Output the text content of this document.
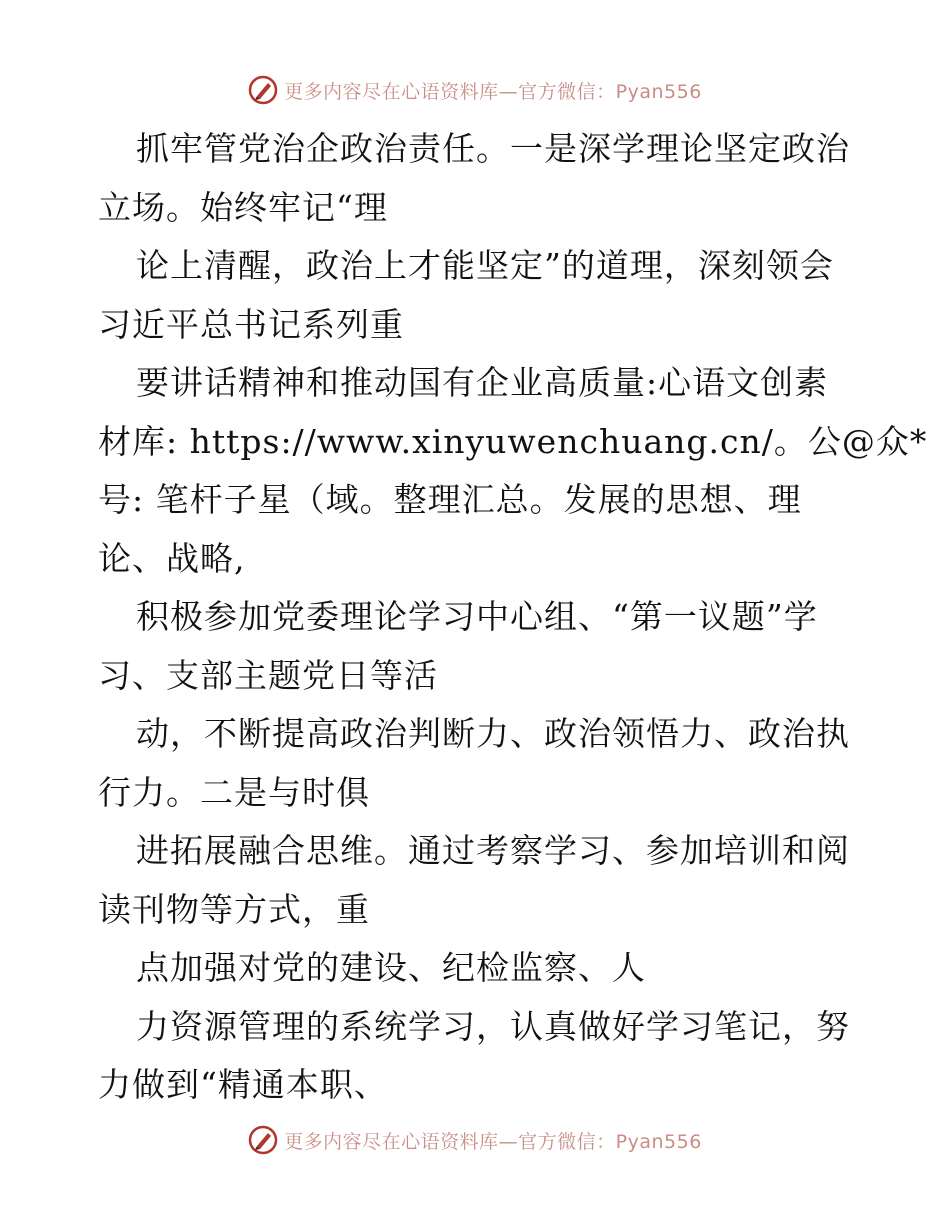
更多内容尽在心语资料库—官方微信：Pyan556
抓牢管党治企政治责任。一是深学理论坚定政治
立场。始终牢记“理
论上清醒，政治上才能坚定”的道理，深刻领会
习近平总书记系列重
要讲话精神和推动国有企业高质量:心语文创素
材库: https://www.xinyuwenchuang.cn/。公@众*
号: 笔杆子星（域。整理汇总。发展的思想、理
论、战略,
积极参加党委理论学习中心组、“第一议题”学
习、支部主题党日等活
动，不断提高政治判断力、政治领悟力、政治执
行力。二是与时俱
进拓展融合思维。通过考察学习、参加培训和阅
读刊物等方式，重
点加强对党的建设、纪检监察、人
力资源管理的系统学习，认真做好学习笔记，努
力做到“精通本职、
更多内容尽在心语资料库—官方微信：Pyan556
